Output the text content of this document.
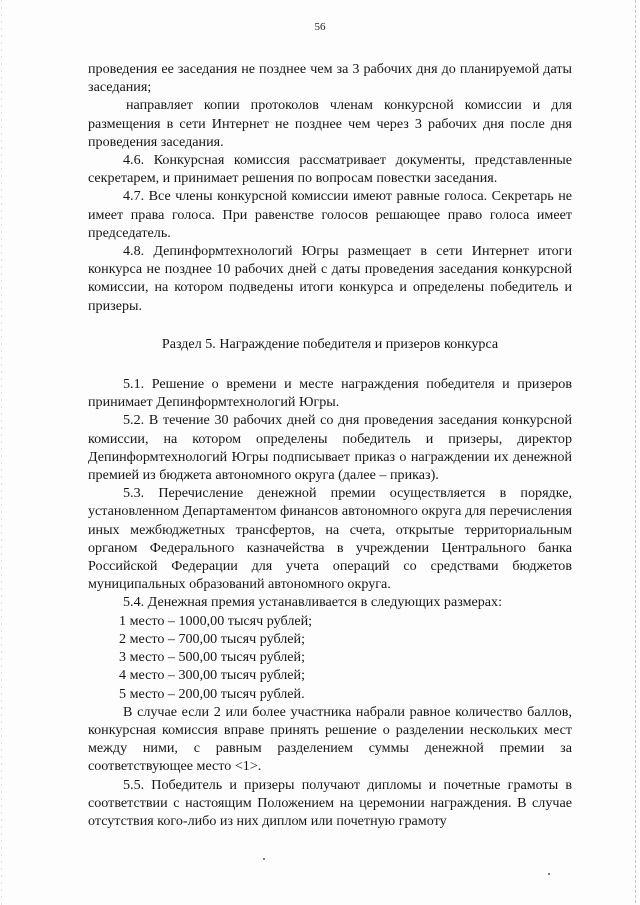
56

проведения ее заседания не позднее чем за 3 рабочих дня до планируемой даты заседания;

направляет копии протоколов членам конкурсной комиссии и для размещения в сети Интернет не позднее чем через 3 рабочих дня после дня проведения заседания.

4.6. Конкурсная комиссия рассматривает документы, представленные секретарем, и принимает решения по вопросам повестки заседания.

4.7. Все члены конкурсной комиссии имеют равные голоса. Секретарь не имеет права голоса. При равенстве голосов решающее право голоса имеет председатель.

4.8. Депинформтехнологий Югры размещает в сети Интернет итоги конкурса не позднее 10 рабочих дней с даты проведения заседания конкурсной комиссии, на котором подведены итоги конкурса и определены победитель и призеры.

Раздел 5. Награждение победителя и призеров конкурса

5.1. Решение о времени и месте награждения победителя и призеров принимает Депинформтехнологий Югры.

5.2. В течение 30 рабочих дней со дня проведения заседания конкурсной комиссии, на котором определены победитель и призеры, директор Депинформтехнологий Югры подписывает приказ о награждении их денежной премией из бюджета автономного округа (далее – приказ).

5.3. Перечисление денежной премии осуществляется в порядке, установленном Департаментом финансов автономного округа для перечисления иных межбюджетных трансфертов, на счета, открытые территориальным органом Федерального казначейства в учреждении Центрального банка Российской Федерации для учета операций со средствами бюджетов муниципальных образований автономного округа.

5.4. Денежная премия устанавливается в следующих размерах:

1 место – 1000,00 тысяч рублей;

2 место – 700,00 тысяч рублей;

3 место – 500,00 тысяч рублей;

4 место – 300,00 тысяч рублей;

5 место – 200,00 тысяч рублей.

В случае если 2 или более участника набрали равное количество баллов, конкурсная комиссия вправе принять решение о разделении нескольких мест между ними, с равным разделением суммы денежной премии за соответствующее место <1>.

5.5. Победитель и призеры получают дипломы и почетные грамоты в соответствии с настоящим Положением на церемонии награждения. В случае отсутствия кого-либо из них диплом или почетную грамоту
